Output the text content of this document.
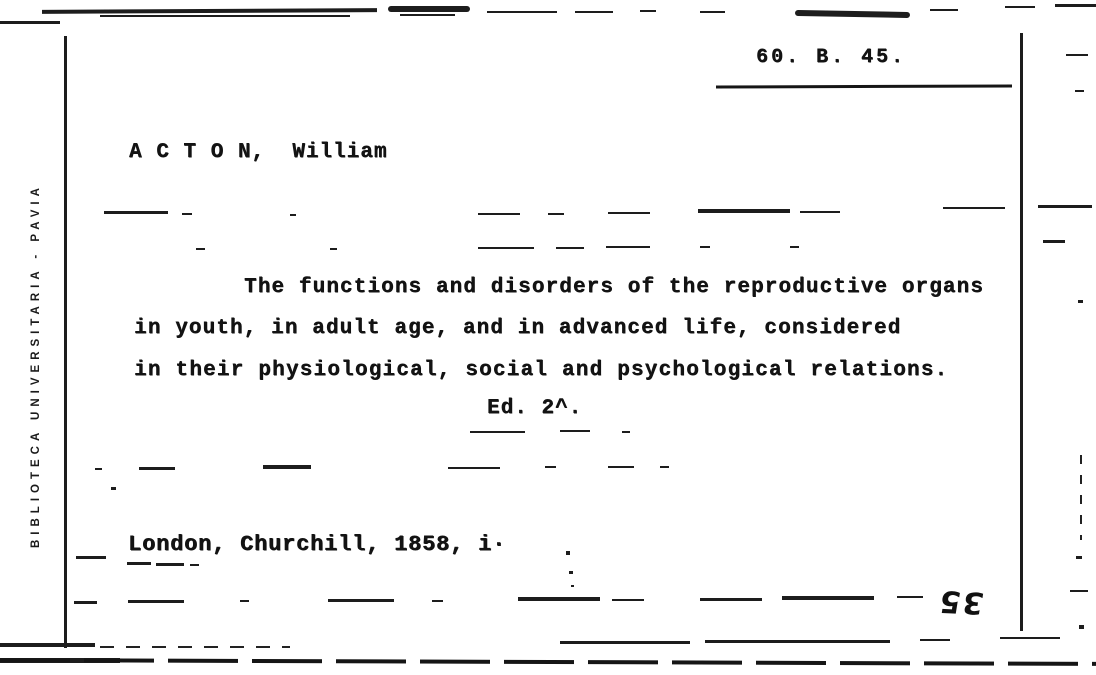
60. B. 45.
BIBLIOTECA UNIVERSITARIA - PAVIA
A C T O N,  William
The functions and disorders of the reproductive organs
in youth, in adult age, and in advanced life, considered
in their physiological, social and psychological relations.
Ed. 2^.
London, Churchill, 1858, i·
35
